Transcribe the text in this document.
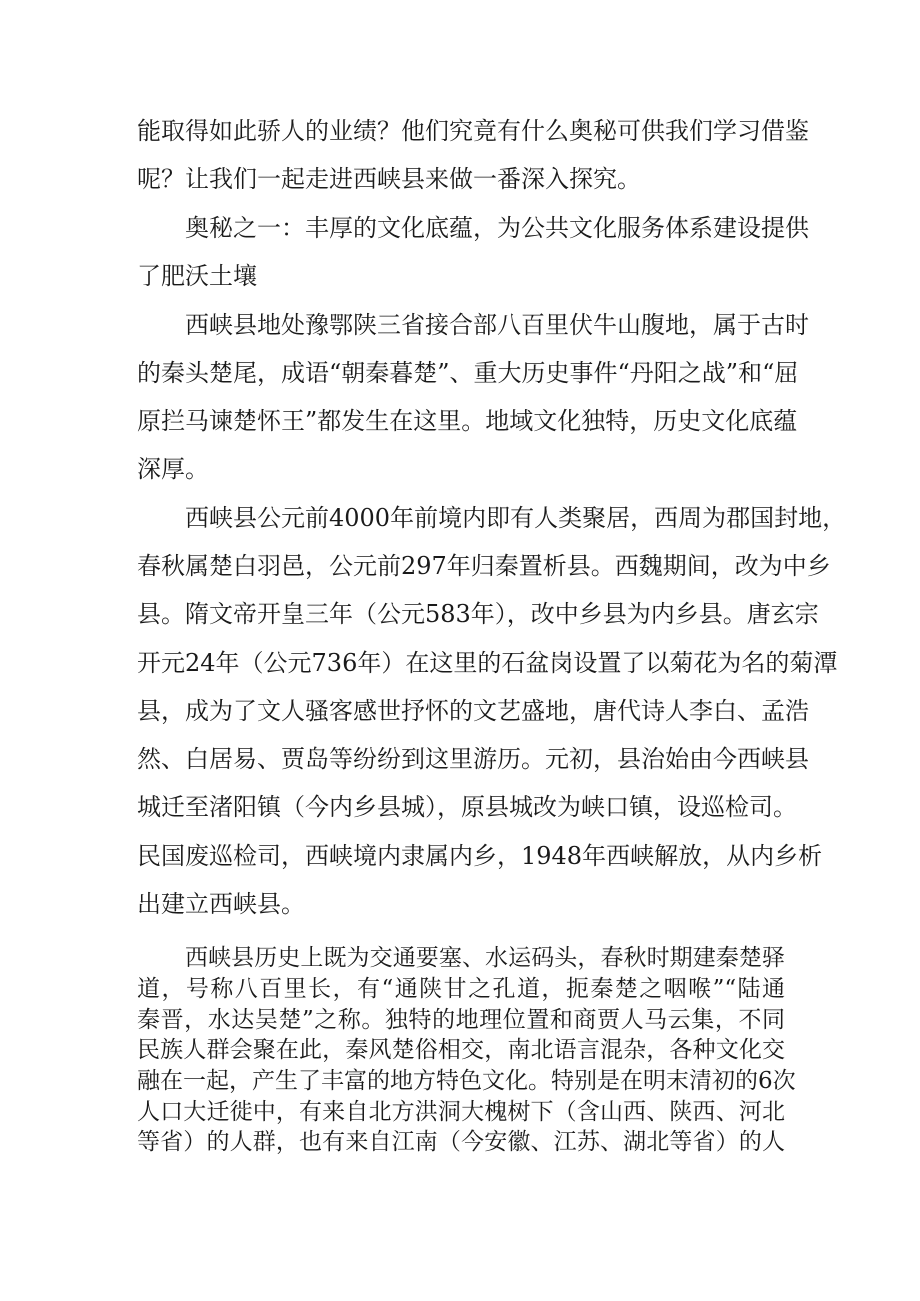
能取得如此骄人的业绩？他们究竟有什么奥秘可供我们学习借鉴

呢？让我们一起走进西峡县来做一番深入探究。

奥秘之一：丰厚的文化底蕴，为公共文化服务体系建设提供

了肥沃土壤

西峡县地处豫鄂陕三省接合部八百里伏牛山腹地，属于古时

的秦头楚尾，成语“朝秦暮楚”、重大历史事件“丹阳之战”和“屈

原拦马谏楚怀王”都发生在这里。地域文化独特，历史文化底蕴

深厚。

西峡县公元前4000年前境内即有人类聚居，西周为郡国封地，

春秋属楚白羽邑，公元前297年归秦置析县。西魏期间，改为中乡

县。隋文帝开皇三年（公元583年），改中乡县为内乡县。唐玄宗

开元24年（公元736年）在这里的石盆岗设置了以菊花为名的菊潭

县，成为了文人骚客感世抒怀的文艺盛地，唐代诗人李白、孟浩

然、白居易、贾岛等纷纷到这里游历。元初，县治始由今西峡县

城迁至渚阳镇（今内乡县城），原县城改为峡口镇，设巡检司。

民国废巡检司，西峡境内隶属内乡，1948年西峡解放，从内乡析

出建立西峡县。

西峡县历史上既为交通要塞、水运码头，春秋时期建秦楚驿

道，号称八百里长，有“通陕甘之孔道，扼秦楚之咽喉”“陆通

秦晋，水达吴楚”之称。独特的地理位置和商贾人马云集，不同

民族人群会聚在此，秦风楚俗相交，南北语言混杂，各种文化交

融在一起，产生了丰富的地方特色文化。特别是在明末清初的6次

人口大迁徙中，有来自北方洪洞大槐树下（含山西、陕西、河北

等省）的人群，也有来自江南（今安徽、江苏、湖北等省）的人
